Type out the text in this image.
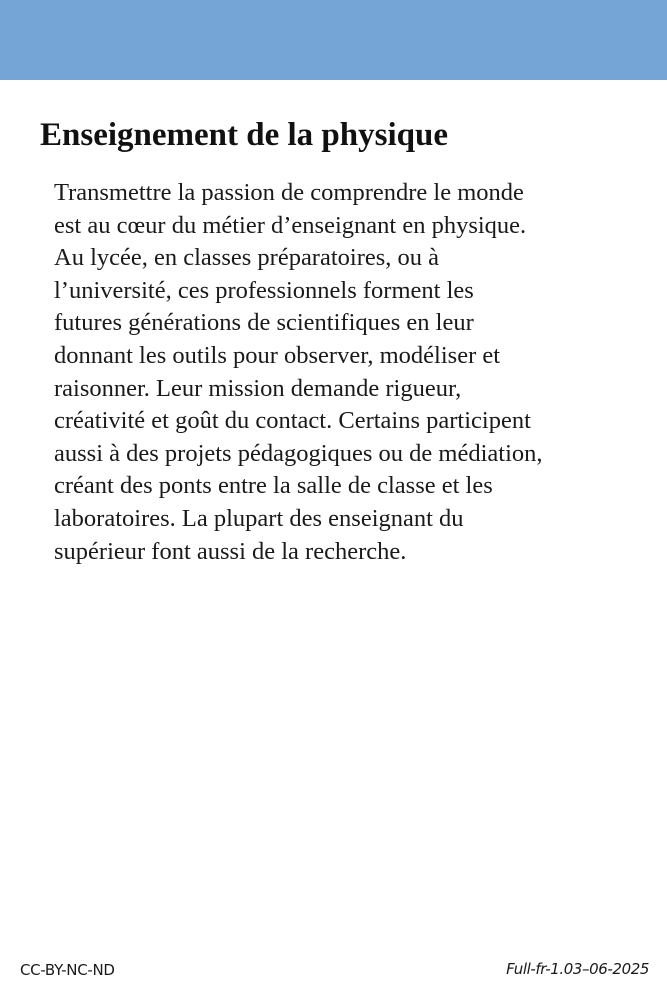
Enseignement de la physique

Transmettre la passion de comprendre le monde
est au cœur du métier d’enseignant en physique.
Au lycée, en classes préparatoires, ou à
l’université, ces professionnels forment les
futures générations de scientifiques en leur
donnant les outils pour observer, modéliser et
raisonner. Leur mission demande rigueur,
créativité et goût du contact. Certains participent
aussi à des projets pédagogiques ou de médiation,
créant des ponts entre la salle de classe et les
laboratoires. La plupart des enseignant du
supérieur font aussi de la recherche.

CC-BY-NC-ND	Full-fr-1.03–06-2025
